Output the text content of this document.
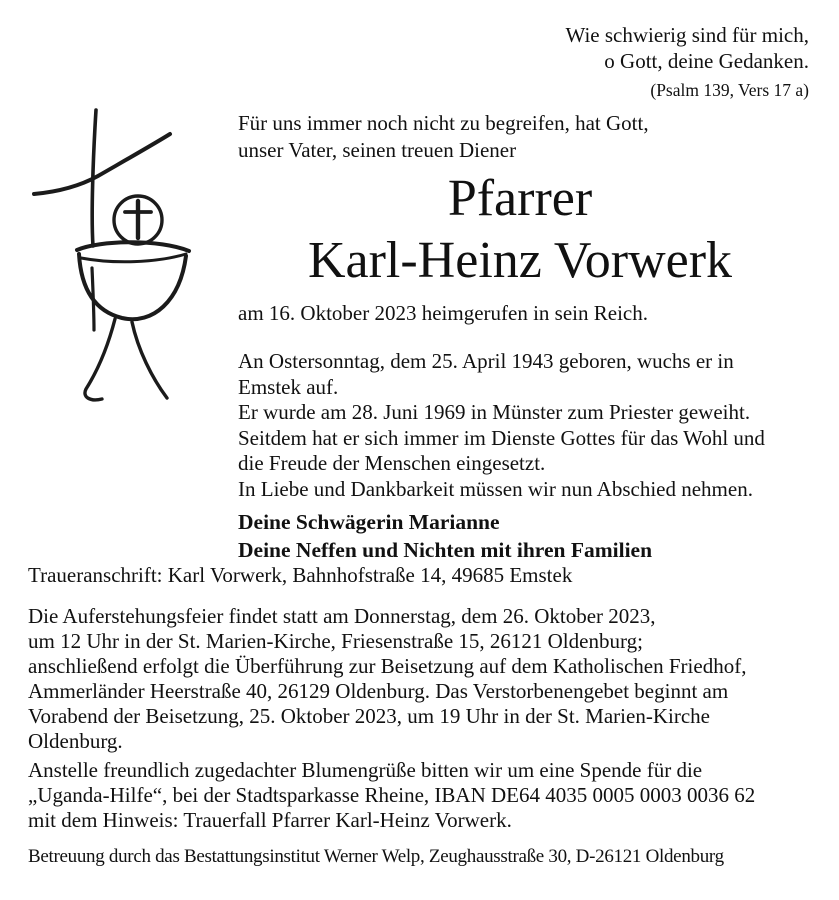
Wie schwierig sind für mich,
o Gott, deine Gedanken.
(Psalm 139, Vers 17 a)
Für uns immer noch nicht zu begreifen, hat Gott,
unser Vater, seinen treuen Diener
Pfarrer
Karl-Heinz Vorwerk
am 16. Oktober 2023 heimgerufen in sein Reich.
An Ostersonntag, dem 25. April 1943 geboren, wuchs er in
Emstek auf.
Er wurde am 28. Juni 1969 in Münster zum Priester geweiht.
Seitdem hat er sich immer im Dienste Gottes für das Wohl und
die Freude der Menschen eingesetzt.
In Liebe und Dankbarkeit müssen wir nun Abschied nehmen.
Deine Schwägerin Marianne
Deine Neffen und Nichten mit ihren Familien
Traueranschrift: Karl Vorwerk, Bahnhofstraße 14, 49685 Emstek
Die Auferstehungsfeier findet statt am Donnerstag, dem 26. Oktober 2023,
um 12 Uhr in der St. Marien-Kirche, Friesenstraße 15, 26121 Oldenburg;
anschließend erfolgt die Überführung zur Beisetzung auf dem Katholischen Friedhof,
Ammerländer Heerstraße 40, 26129 Oldenburg. Das Verstorbenengebet beginnt am
Vorabend der Beisetzung, 25. Oktober 2023, um 19 Uhr in der St. Marien-Kirche
Oldenburg.
Anstelle freundlich zugedachter Blumengrüße bitten wir um eine Spende für die
„Uganda-Hilfe“, bei der Stadtsparkasse Rheine, IBAN DE64 4035 0005 0003 0036 62
mit dem Hinweis: Trauerfall Pfarrer Karl-Heinz Vorwerk.
Betreuung durch das Bestattungsinstitut Werner Welp, Zeughausstraße 30, D-26121 Oldenburg
